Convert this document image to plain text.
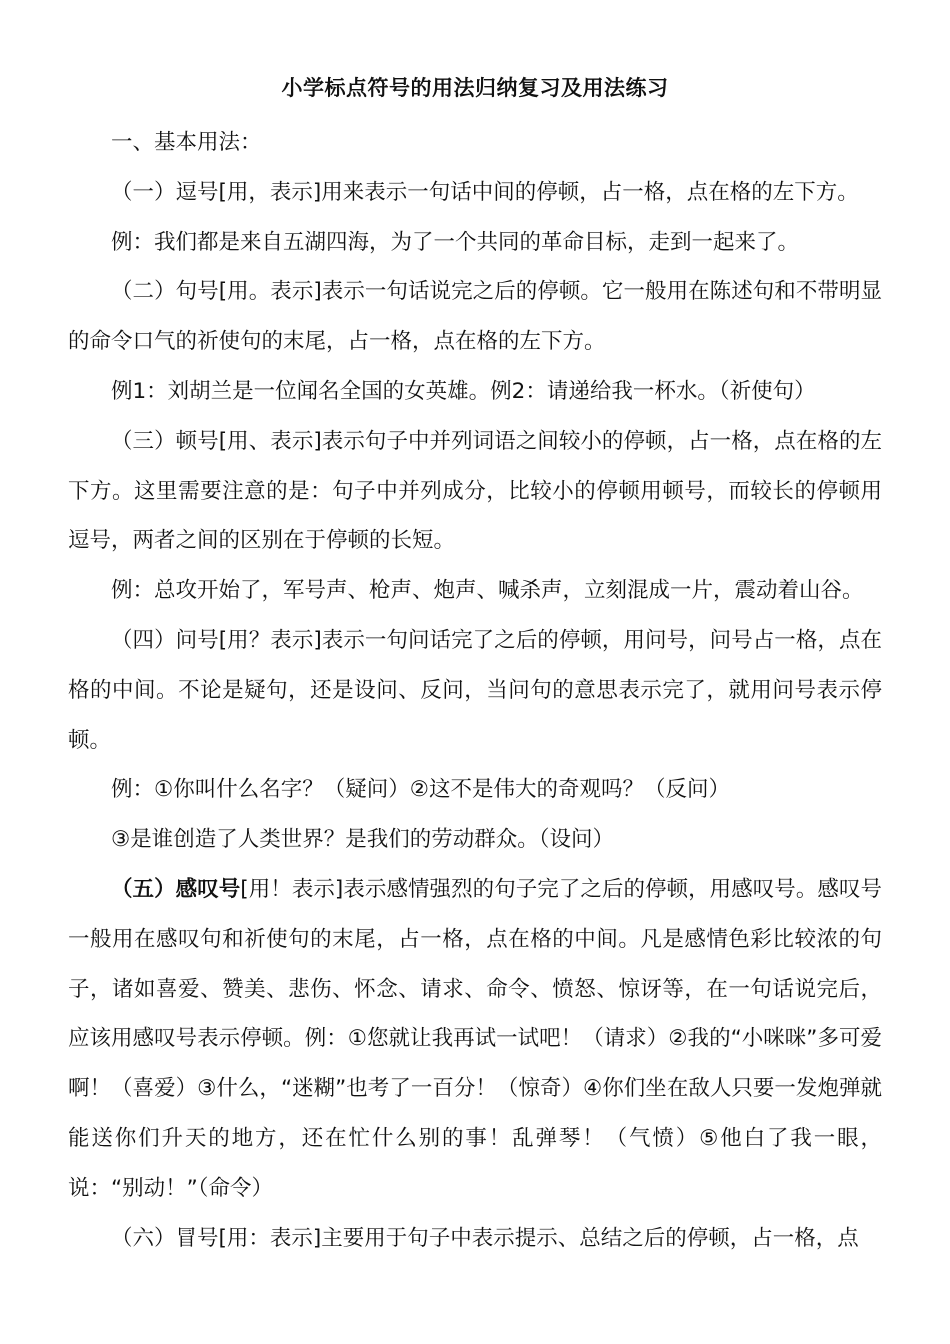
小学标点符号的用法归纳复习及用法练习

一、基本用法：

（一）逗号[用，表示]用来表示一句话中间的停顿，占一格，点在格的左下方。

例：我们都是来自五湖四海，为了一个共同的革命目标，走到一起来了。

（二）句号[用。表示]表示一句话说完之后的停顿。它一般用在陈述句和不带明显的命令口气的祈使句的末尾，占一格，点在格的左下方。

例1：刘胡兰是一位闻名全国的女英雄。例2：请递给我一杯水。（祈使句）

（三）顿号[用、表示]表示句子中并列词语之间较小的停顿，占一格，点在格的左下方。这里需要注意的是：句子中并列成分，比较小的停顿用顿号，而较长的停顿用逗号，两者之间的区别在于停顿的长短。

例：总攻开始了，军号声、枪声、炮声、喊杀声，立刻混成一片，震动着山谷。

（四）问号[用？表示]表示一句问话完了之后的停顿，用问号，问号占一格，点在格的中间。不论是疑句，还是设问、反问，当问句的意思表示完了，就用问号表示停顿。

例：①你叫什么名字？（疑问）②这不是伟大的奇观吗？（反问）

③是谁创造了人类世界？是我们的劳动群众。（设问）

（五）感叹号[用！表示]表示感情强烈的句子完了之后的停顿，用感叹号。感叹号一般用在感叹句和祈使句的末尾，占一格，点在格的中间。凡是感情色彩比较浓的句子，诸如喜爱、赞美、悲伤、怀念、请求、命令、愤怒、惊讶等，在一句话说完后，应该用感叹号表示停顿。例：①您就让我再试一试吧！（请求）②我的“小咪咪”多可爱啊！（喜爱）③什么，“迷糊”也考了一百分！（惊奇）④你们坐在敌人只要一发炮弹就能送你们升天的地方，还在忙什么别的事！乱弹琴！（气愤）⑤他白了我一眼，说：“别动！”（命令）

（六）冒号[用：表示]主要用于句子中表示提示、总结之后的停顿，占一格，点
